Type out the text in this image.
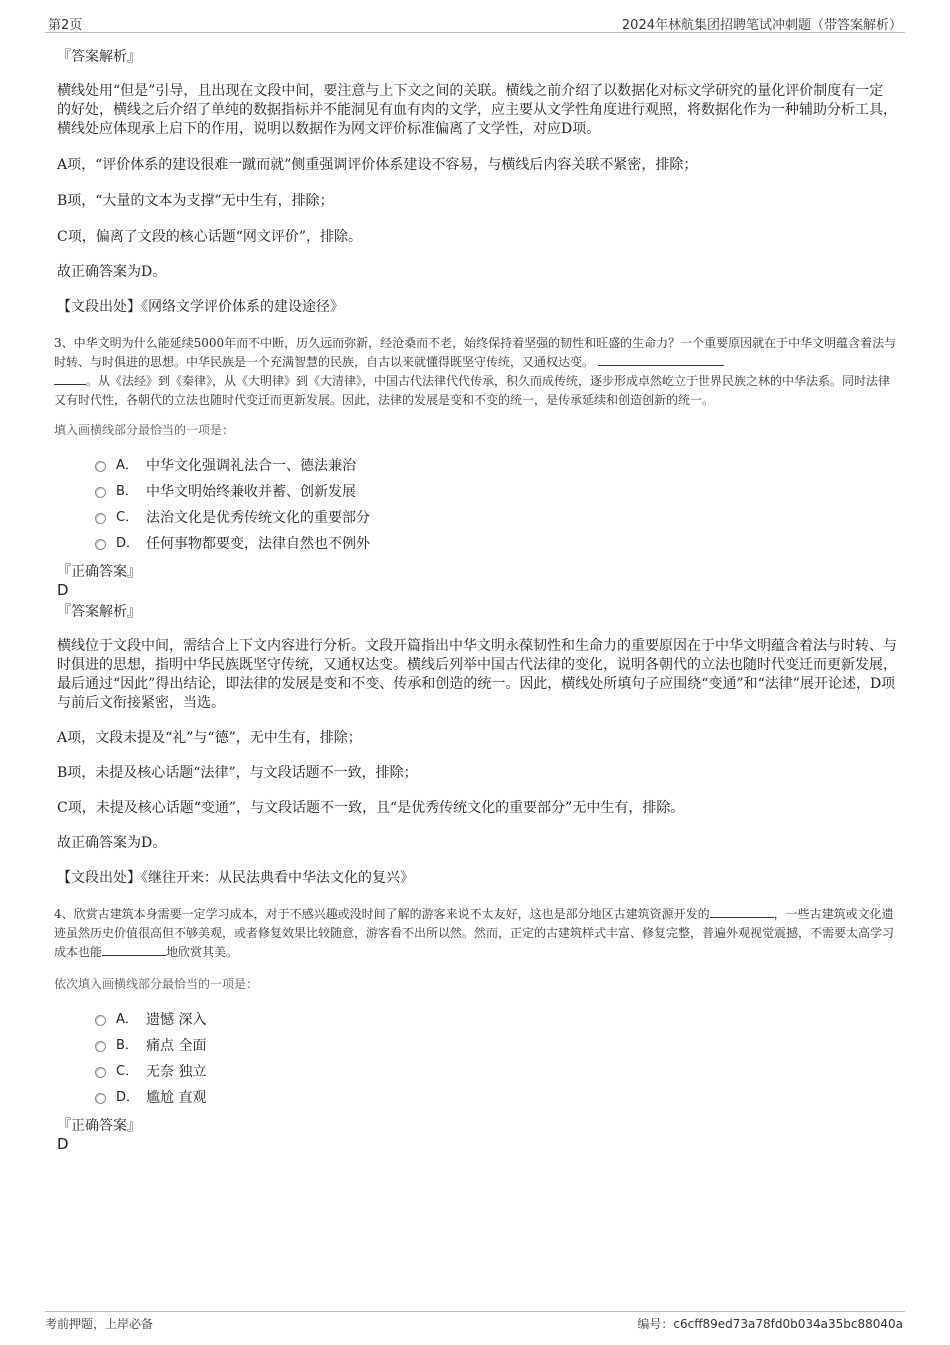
第2页	2024年林航集团招聘笔试冲刺题（带答案解析）

『答案解析』

横线处用“但是”引导，且出现在文段中间，要注意与上下文之间的关联。横线之前介绍了以数据化对标文学研究的量化评价制度有一定的好处，横线之后介绍了单纯的数据指标并不能洞见有血有肉的文学，应主要从文学性角度进行观照，将数据化作为一种辅助分析工具，横线处应体现承上启下的作用，说明以数据作为网文评价标准偏离了文学性，对应D项。

A项，“评价体系的建设很难一蹴而就”侧重强调评价体系建设不容易，与横线后内容关联不紧密，排除；

B项，“大量的文本为支撑”无中生有，排除；

C项，偏离了文段的核心话题“网文评价”，排除。

故正确答案为D。

【文段出处】《网络文学评价体系的建设途径》

3、中华文明为什么能延续5000年而不中断，历久远而弥新，经沧桑而不老，始终保持着坚强的韧性和旺盛的生命力？一个重要原因就在于中华文明蕴含着法与时转、与时俱进的思想。中华民族是一个充满智慧的民族，自古以来就懂得既坚守传统，又通权达变。
。从《法经》到《秦律》，从《大明律》到《大清律》，中国古代法律代代传承，积久而成传统，逐步形成卓然屹立于世界民族之林的中华法系。同时法律又有时代性，各朝代的立法也随时代变迁而更新发展。因此，法律的发展是变和不变的统一，是传承延续和创造创新的统一。

填入画横线部分最恰当的一项是：

A． 中华文化强调礼法合一、德法兼治
B． 中华文明始终兼收并蓄、创新发展
C． 法治文化是优秀传统文化的重要部分
D． 任何事物都要变，法律自然也不例外

『正确答案』

D

『答案解析』

横线位于文段中间，需结合上下文内容进行分析。文段开篇指出中华文明永葆韧性和生命力的重要原因在于中华文明蕴含着法与时转、与时俱进的思想，指明中华民族既坚守传统，又通权达变。横线后列举中国古代法律的变化，说明各朝代的立法也随时代变迁而更新发展，最后通过“因此”得出结论，即法律的发展是变和不变、传承和创造的统一。因此，横线处所填句子应围绕“变通”和“法律”展开论述，D项与前后文衔接紧密，当选。

A项，文段未提及“礼”与“德”，无中生有，排除；

B项，未提及核心话题“法律”，与文段话题不一致，排除；

C项，未提及核心话题“变通”，与文段话题不一致，且“是优秀传统文化的重要部分”无中生有，排除。

故正确答案为D。

【文段出处】《继往开来：从民法典看中华法文化的复兴》

4、欣赏古建筑本身需要一定学习成本，对于不感兴趣或没时间了解的游客来说不太友好，这也是部分地区古建筑资源开发的	，一些古建筑或文化遗迹虽然历史价值很高但不够美观，或者修复效果比较随意，游客看不出所以然。然而，正定的古建筑样式丰富、修复完整，普遍外观视觉震撼，不需要太高学习成本也能	地欣赏其美。

依次填入画横线部分最恰当的一项是：

A． 遗憾 深入
B． 痛点 全面
C． 无奈 独立
D． 尴尬 直观

『正确答案』

D

考前押题，上岸必备	编号：c6cff89ed73a78fd0b034a35bc88040a
